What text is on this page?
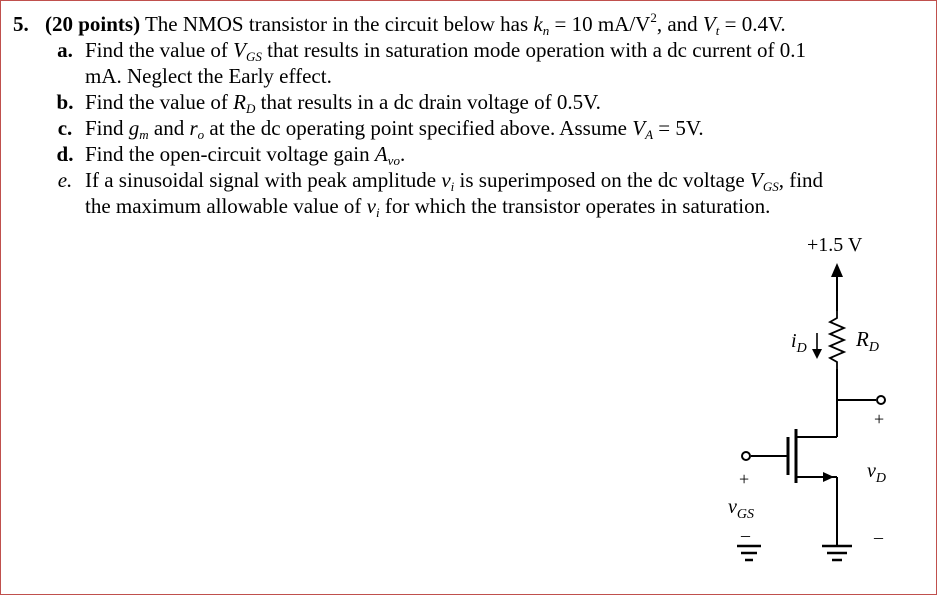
5. (20 points) The NMOS transistor in the circuit below has $k_n = 10$ $mA/V^2$, and $V_t = 0.4V$.
a. Find the value of $V_{GS}$ that results in saturation mode operation with a dc current of 0.1
mA. Neglect the Early effect.
b. Find the value of $R_D$ that results in a dc drain voltage of 0.5V.
c. Find $g_m$ and $r_o$ at the dc operating point specified above. Assume $V_A = 5V$.
d. Find the open-circuit voltage gain $A_{vo}$.
e. If a sinusoidal signal with peak amplitude $v_i$ is superimposed on the dc voltage $V_{GS}$, find
the maximum allowable value of $v_i$ for which the transistor operates in saturation.
+1.5 V
$i_D$ $R_D$
+
$v_D$
–
+
$v_{GS}$
–
